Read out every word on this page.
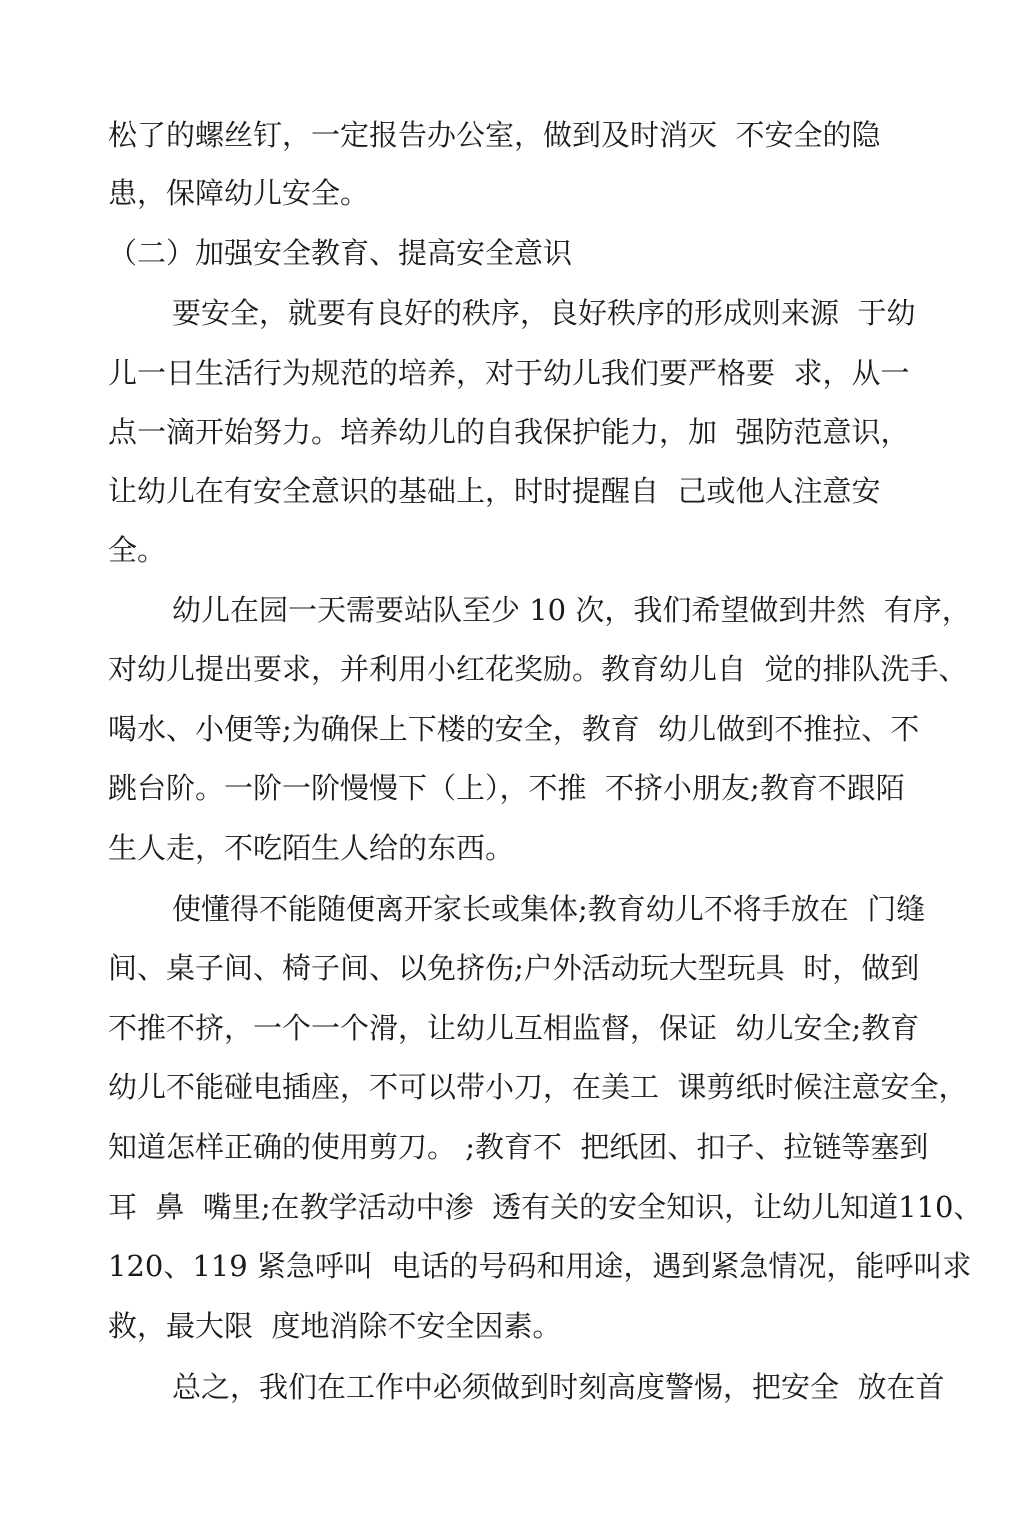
松了的螺丝钉，一定报告办公室，做到及时消灭  不安全的隐
患，保障幼儿安全。
（二）加强安全教育、提高安全意识
要安全，就要有良好的秩序，良好秩序的形成则来源  于幼
儿一日生活行为规范的培养，对于幼儿我们要严格要  求，从一
点一滴开始努力。培养幼儿的自我保护能力，加  强防范意识，
让幼儿在有安全意识的基础上，时时提醒自  己或他人注意安
全。
幼儿在园一天需要站队至少 10 次，我们希望做到井然  有序，
对幼儿提出要求，并利用小红花奖励。教育幼儿自  觉的排队洗手、
喝水、小便等;为确保上下楼的安全，教育  幼儿做到不推拉、不
跳台阶。一阶一阶慢慢下（上），不推  不挤小朋友;教育不跟陌
生人走，不吃陌生人给的东西。
使懂得不能随便离开家长或集体;教育幼儿不将手放在  门缝
间、桌子间、椅子间、以免挤伤;户外活动玩大型玩具  时，做到
不推不挤，一个一个滑，让幼儿互相监督，保证  幼儿安全;教育
幼儿不能碰电插座，不可以带小刀，在美工  课剪纸时候注意安全，
知道怎样正确的使用剪刀。 ;教育不  把纸团、扣子、拉链等塞到
耳  鼻  嘴里;在教学活动中渗  透有关的安全知识，让幼儿知道110、
120、119 紧急呼叫  电话的号码和用途，遇到紧急情况，能呼叫求
救，最大限  度地消除不安全因素。
总之，我们在工作中必须做到时刻高度警惕，把安全  放在首
